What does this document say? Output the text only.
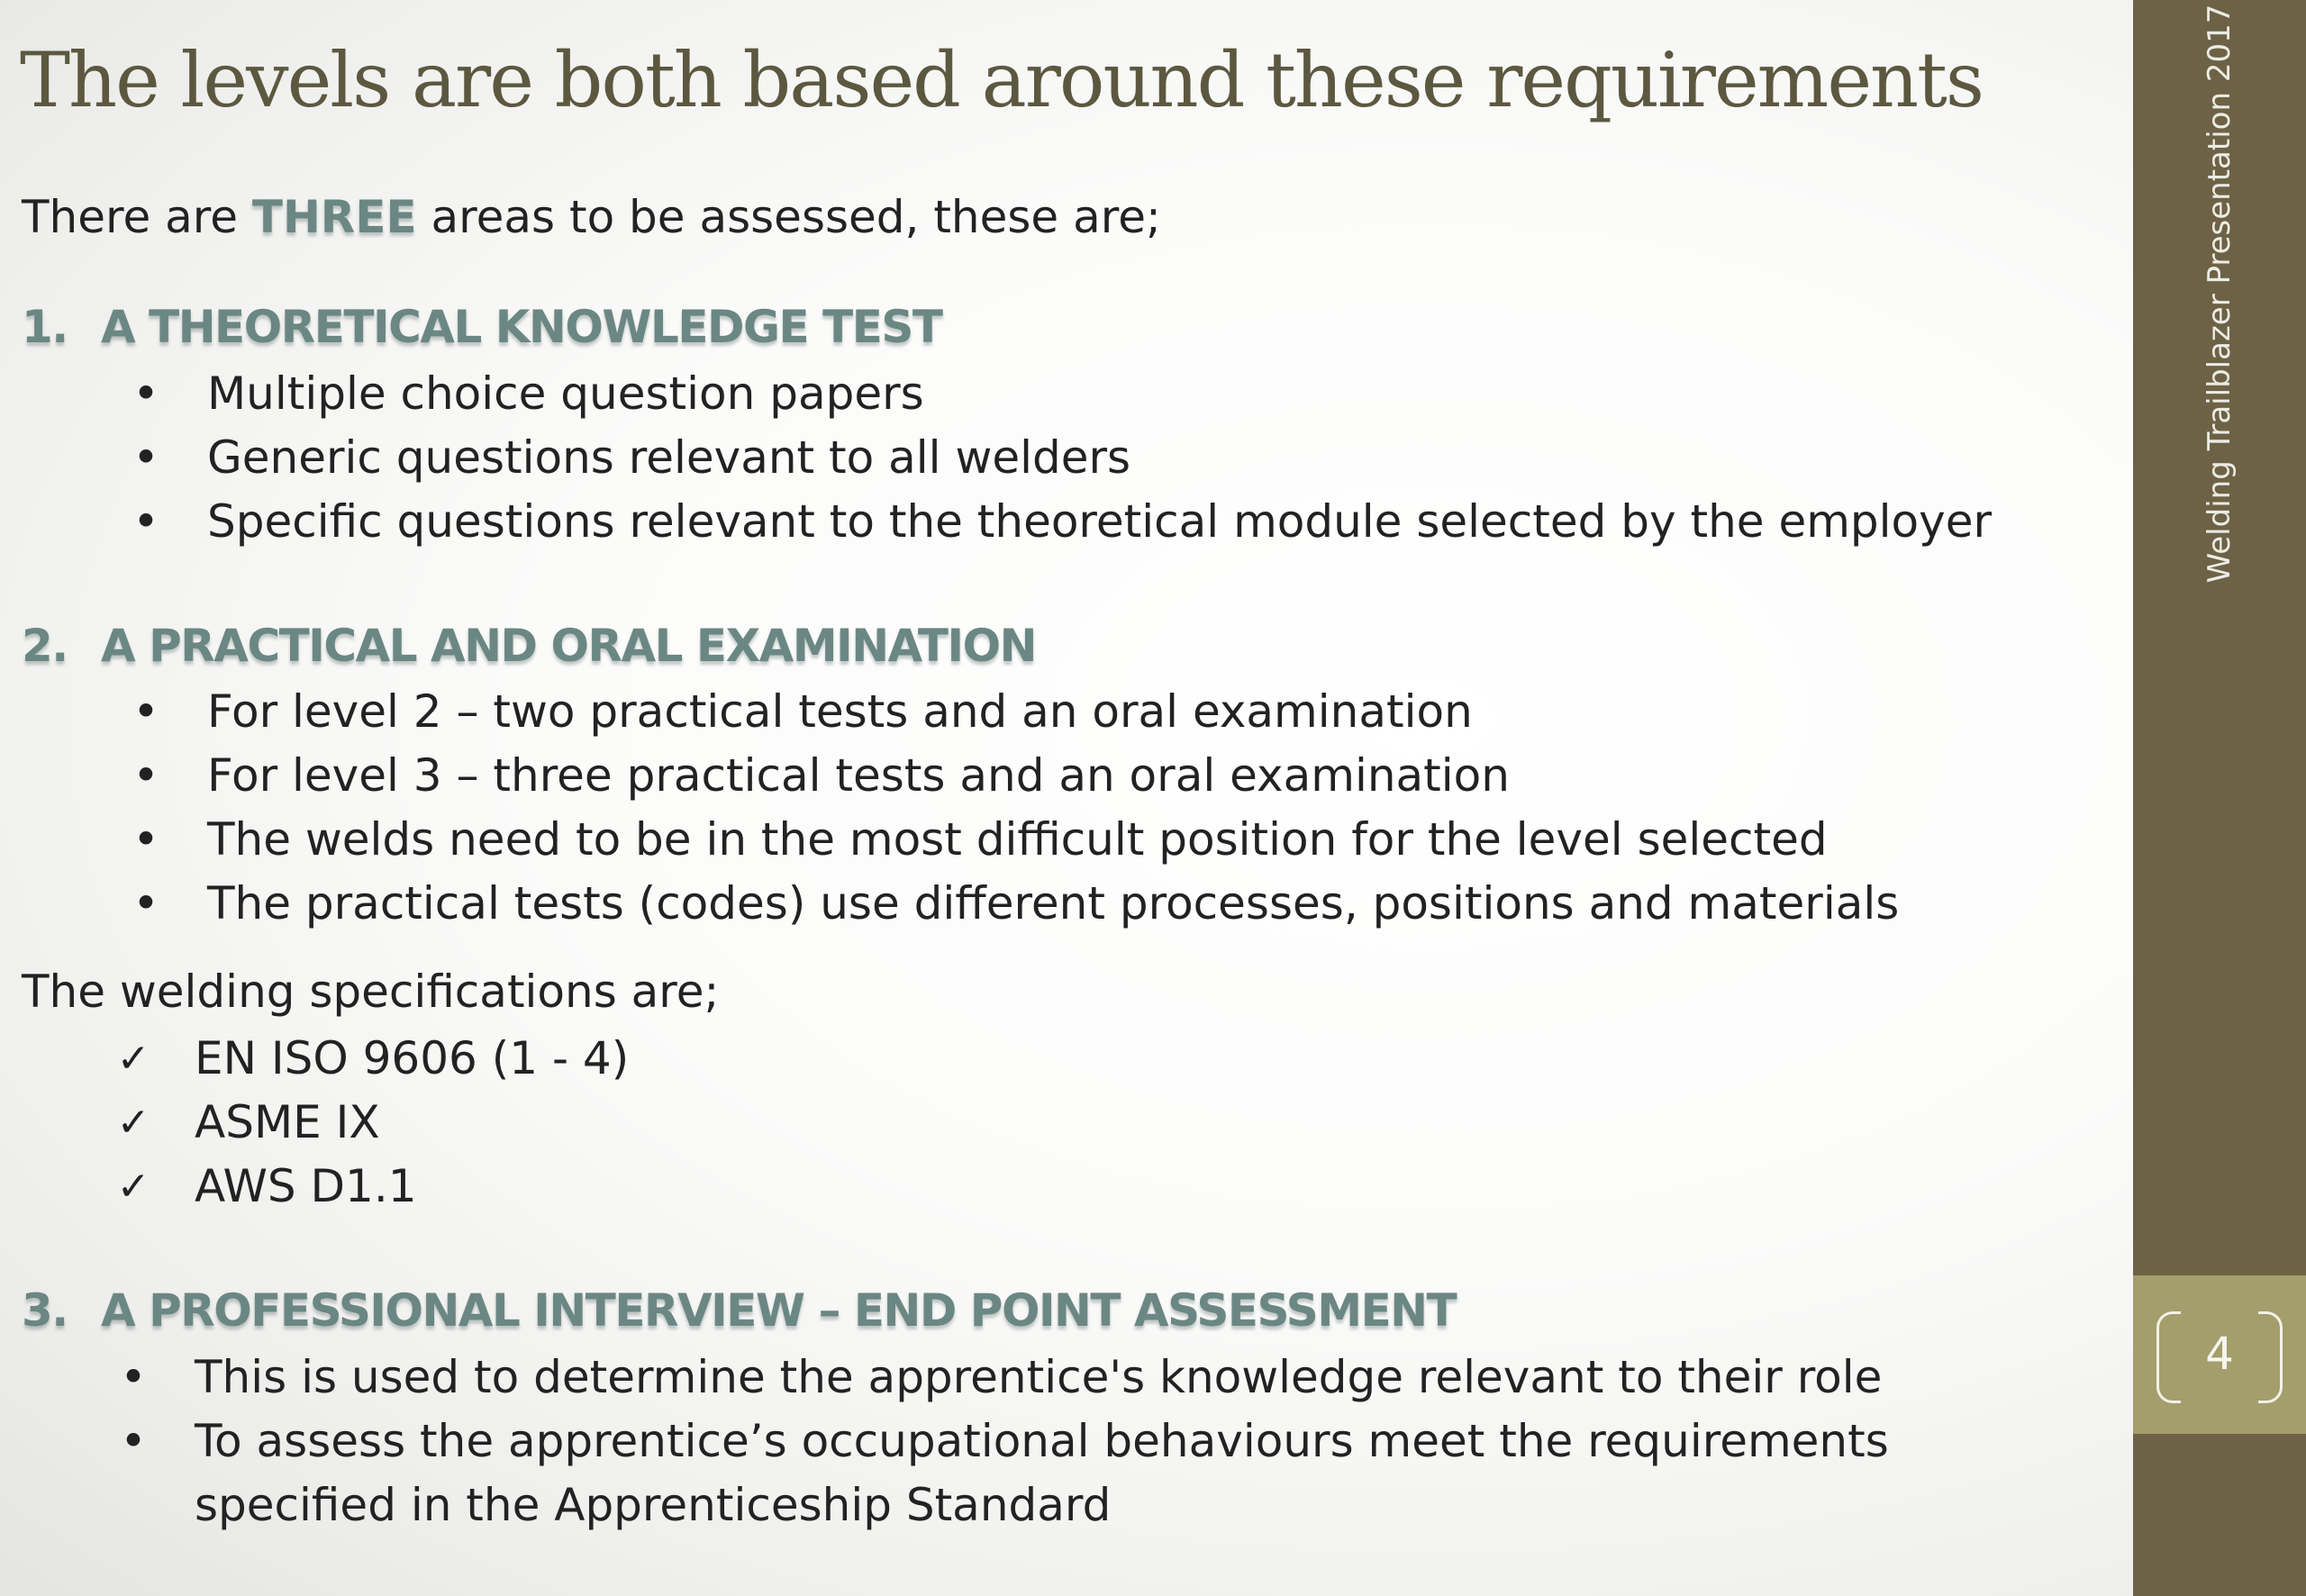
The levels are both based around these requirements
There are THREE areas to be assessed, these are;
1. A THEORETICAL KNOWLEDGE TEST
• Multiple choice question papers
• Generic questions relevant to all welders
• Specific questions relevant to the theoretical module selected by the employer
2. A PRACTICAL AND ORAL EXAMINATION
• For level 2 – two practical tests and an oral examination
• For level 3 – three practical tests and an oral examination
• The welds need to be in the most difficult position for the level selected
• The practical tests (codes) use different processes, positions and materials
The welding specifications are;
✓ EN ISO 9606 (1 - 4)
✓ ASME IX
✓ AWS D1.1
3. A PROFESSIONAL INTERVIEW – END POINT ASSESSMENT
• This is used to determine the apprentice's knowledge relevant to their role
• To assess the apprentice’s occupational behaviours meet the requirements specified in the Apprenticeship Standard
Welding Trailblazer Presentation 2017
4
